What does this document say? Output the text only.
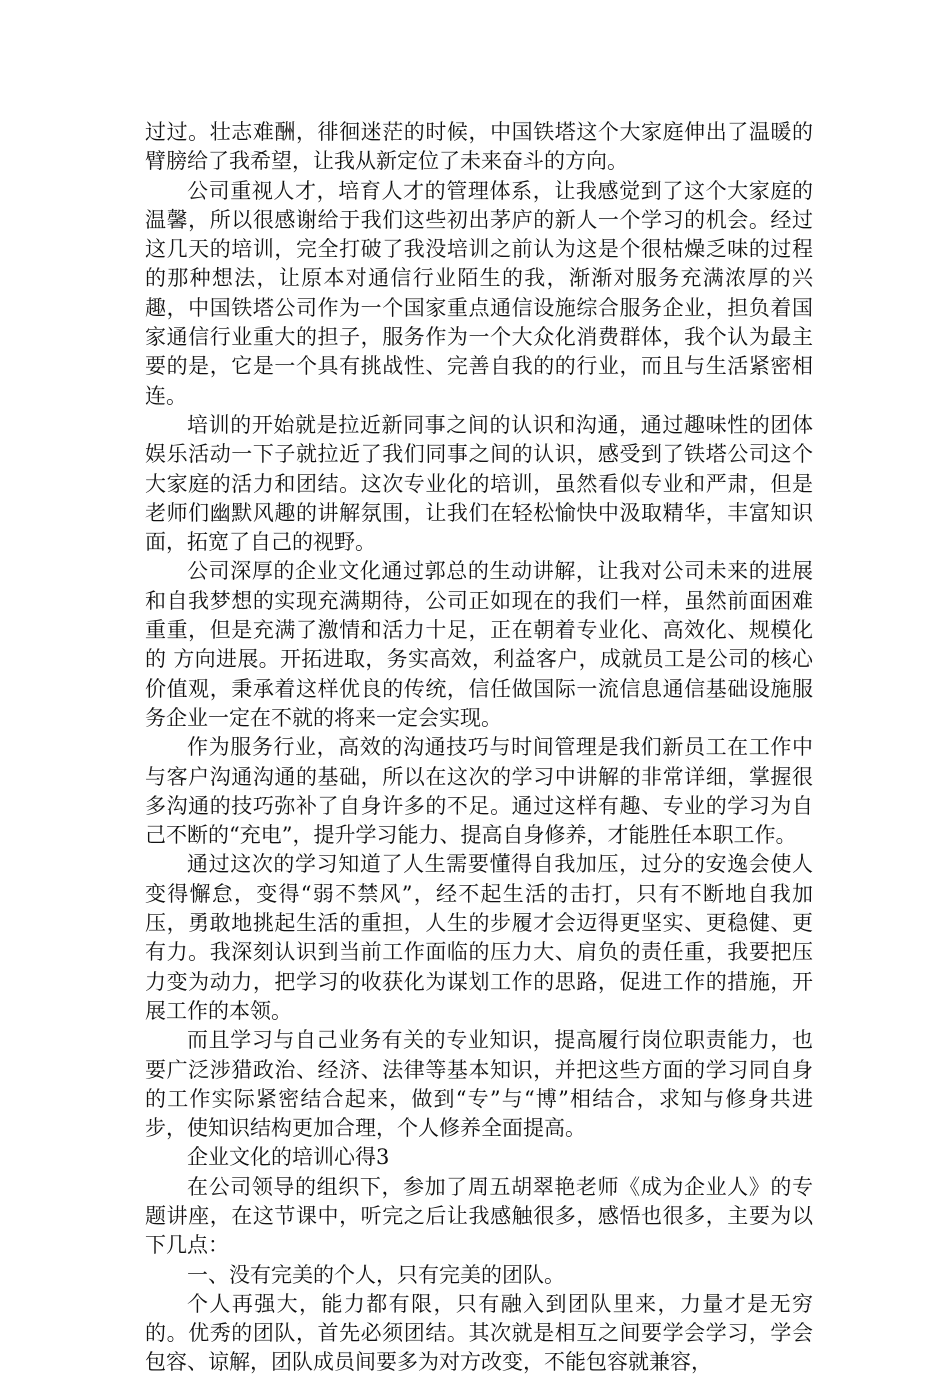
过过。壮志难酬，徘徊迷茫的时候，中国铁塔这个大家庭伸出了温暖的臂膀给了我希望，让我从新定位了未来奋斗的方向。

公司重视人才，培育人才的管理体系，让我感觉到了这个大家庭的温馨，所以很感谢给于我们这些初出茅庐的新人一个学习的机会。经过这几天的培训，完全打破了我没培训之前认为这是个很枯燥乏味的过程的那种想法，让原本对通信行业陌生的我，渐渐对服务充满浓厚的兴趣，中国铁塔公司作为一个国家重点通信设施综合服务企业，担负着国家通信行业重大的担子，服务作为一个大众化消费群体，我个认为最主要的是，它是一个具有挑战性、完善自我的的行业，而且与生活紧密相连。

培训的开始就是拉近新同事之间的认识和沟通，通过趣味性的团体娱乐活动一下子就拉近了我们同事之间的认识，感受到了铁塔公司这个大家庭的活力和团结。这次专业化的培训，虽然看似专业和严肃，但是老师们幽默风趣的讲解氛围，让我们在轻松愉快中汲取精华，丰富知识面，拓宽了自己的视野。

公司深厚的企业文化通过郭总的生动讲解，让我对公司未来的进展和自我梦想的实现充满期待，公司正如现在的我们一样，虽然前面困难重重，但是充满了激情和活力十足，正在朝着专业化、高效化、规模化的 方向进展。开拓进取，务实高效，利益客户，成就员工是公司的核心价值观，秉承着这样优良的传统，信任做国际一流信息通信基础设施服务企业一定在不就的将来一定会实现。

作为服务行业，高效的沟通技巧与时间管理是我们新员工在工作中与客户沟通沟通的基础，所以在这次的学习中讲解的非常详细，掌握很多沟通的技巧弥补了自身许多的不足。通过这样有趣、专业的学习为自己不断的“充电”，提升学习能力、提高自身修养，才能胜任本职工作。

通过这次的学习知道了人生需要懂得自我加压，过分的安逸会使人变得懈怠，变得“弱不禁风”，经不起生活的击打，只有不断地自我加压，勇敢地挑起生活的重担，人生的步履才会迈得更坚实、更稳健、更有力。我深刻认识到当前工作面临的压力大、肩负的责任重，我要把压力变为动力，把学习的收获化为谋划工作的思路，促进工作的措施，开展工作的本领。

而且学习与自己业务有关的专业知识，提高履行岗位职责能力，也要广泛涉猎政治、经济、法律等基本知识，并把这些方面的学习同自身的工作实际紧密结合起来，做到“专”与“博”相结合，求知与修身共进步，使知识结构更加合理，个人修养全面提高。

企业文化的培训心得3

在公司领导的组织下，参加了周五胡翠艳老师《成为企业人》的专题讲座，在这节课中，听完之后让我感触很多，感悟也很多，主要为以下几点：

一、没有完美的个人，只有完美的团队。

个人再强大，能力都有限，只有融入到团队里来，力量才是无穷的。优秀的团队，首先必须团结。其次就是相互之间要学会学习，学会包容、谅解，团队成员间要多为对方改变，不能包容就兼容，
